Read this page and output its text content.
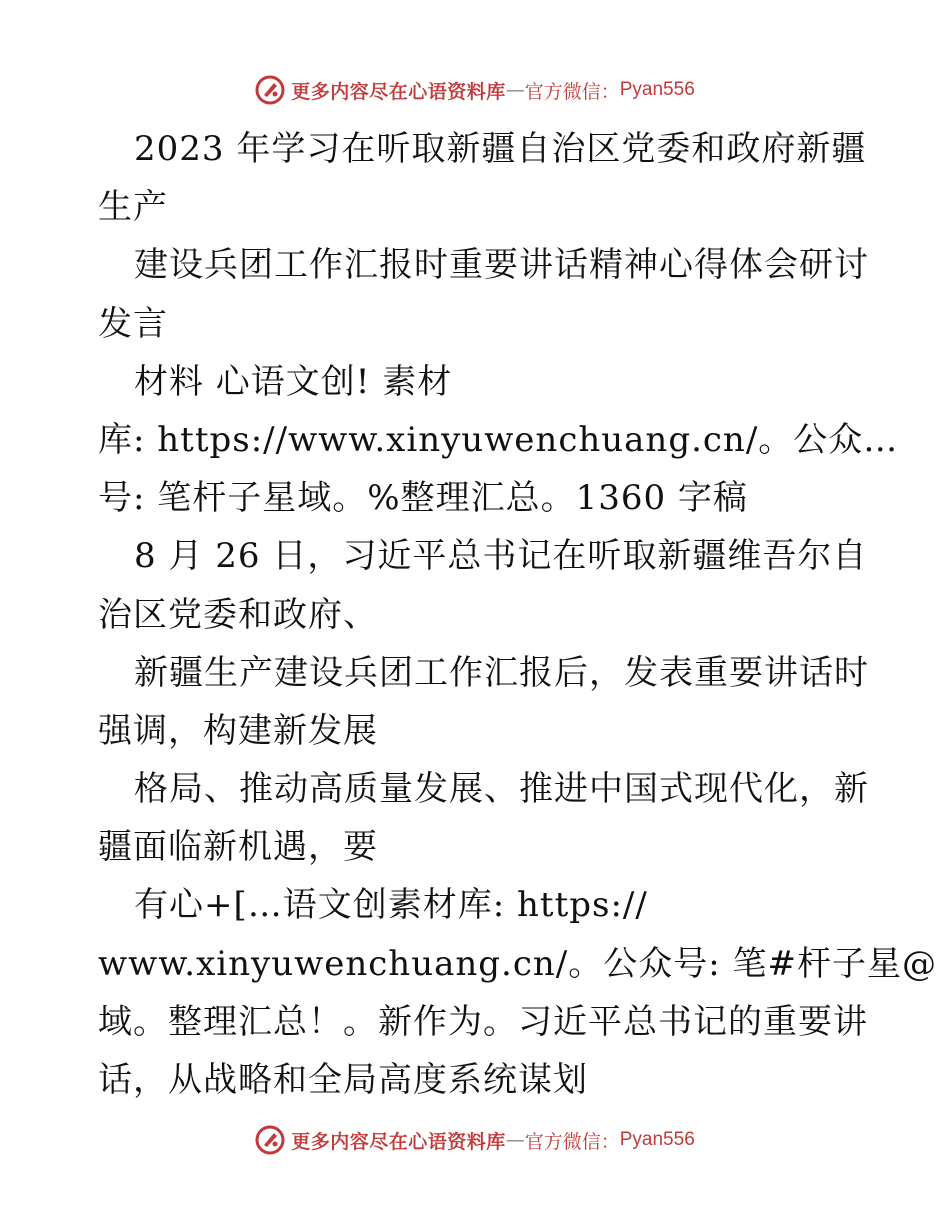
更多内容尽在心语资料库 — 官方微信： Pyan556
2023 年学习在听取新疆自治区党委和政府新疆
生产
建设兵团工作汇报时重要讲话精神心得体会研讨
发言
材料 心语文创! 素材
库: https://www.xinyuwenchuang.cn/。公众…
号: 笔杆子星域。%整理汇总。1360 字稿
8 月 26 日，习近平总书记在听取新疆维吾尔自
治区党委和政府、
新疆生产建设兵团工作汇报后，发表重要讲话时
强调，构建新发展
格局、推动高质量发展、推进中国式现代化，新
疆面临新机遇，要
有心+[…语文创素材库: https://
www.xinyuwenchuang.cn/。公众号: 笔#杆子星@
域。整理汇总！。新作为。习近平总书记的重要讲
话，从战略和全局高度系统谋划
更多内容尽在心语资料库 — 官方微信： Pyan556
